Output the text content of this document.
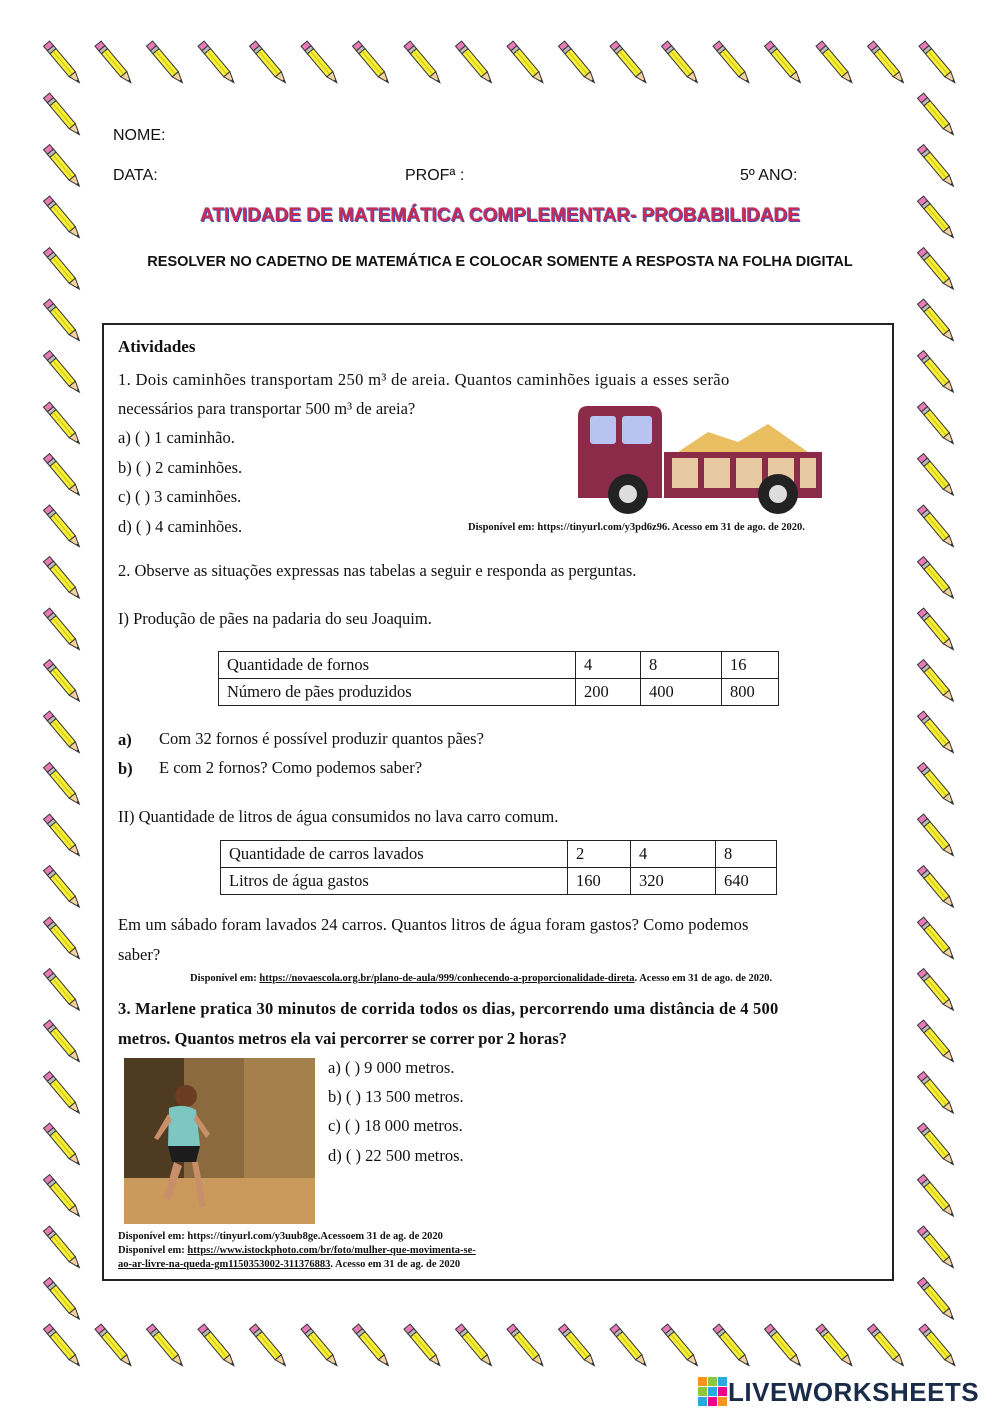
NOME:
DATA:	PROFª :	5º ANO:
ATIVIDADE DE MATEMÁTICA COMPLEMENTAR- PROBABILIDADE
RESOLVER NO CADETNO DE MATEMÁTICA E COLOCAR SOMENTE A RESPOSTA NA FOLHA DIGITAL
Atividades
1. Dois caminhões transportam 250 m³ de areia. Quantos caminhões iguais a esses serão
necessários para transportar 500 m³ de areia?
a) ( ) 1 caminhão.
b) ( ) 2 caminhões.
c) ( ) 3 caminhões.
d) ( ) 4 caminhões.	Disponível em: https://tinyurl.com/y3pd6z96. Acesso em 31 de ago. de 2020.
2. Observe as situações expressas nas tabelas a seguir e responda as perguntas.
I) Produção de pães na padaria do seu Joaquim.
Quantidade de fornos	4	8	16
Número de pães produzidos	200	400	800
a) Com 32 fornos é possível produzir quantos pães?
b) E com 2 fornos? Como podemos saber?
II) Quantidade de litros de água consumidos no lava carro comum.
Quantidade de carros lavados	2	4	8
Litros de água gastos	160	320	640
Em um sábado foram lavados 24 carros. Quantos litros de água foram gastos? Como podemos
saber?
Disponível em: https://novaescola.org.br/plano-de-aula/999/conhecendo-a-proporcionalidade-direta. Acesso em 31 de ago. de 2020.
3. Marlene pratica 30 minutos de corrida todos os dias, percorrendo uma distância de 4 500
metros. Quantos metros ela vai percorrer se correr por 2 horas?
a) ( ) 9 000 metros.
b) ( ) 13 500 metros.
c) ( ) 18 000 metros.
d) ( ) 22 500 metros.
Disponível em: https://tinyurl.com/y3uub8ge.Acessoem 31 de ag. de 2020
Disponível em: https://www.istockphoto.com/br/foto/mulher-que-movimenta-se-
ao-ar-livre-na-queda-gm1150353002-311376883. Acesso em 31 de ag. de 2020
LIVEWORKSHEETS
